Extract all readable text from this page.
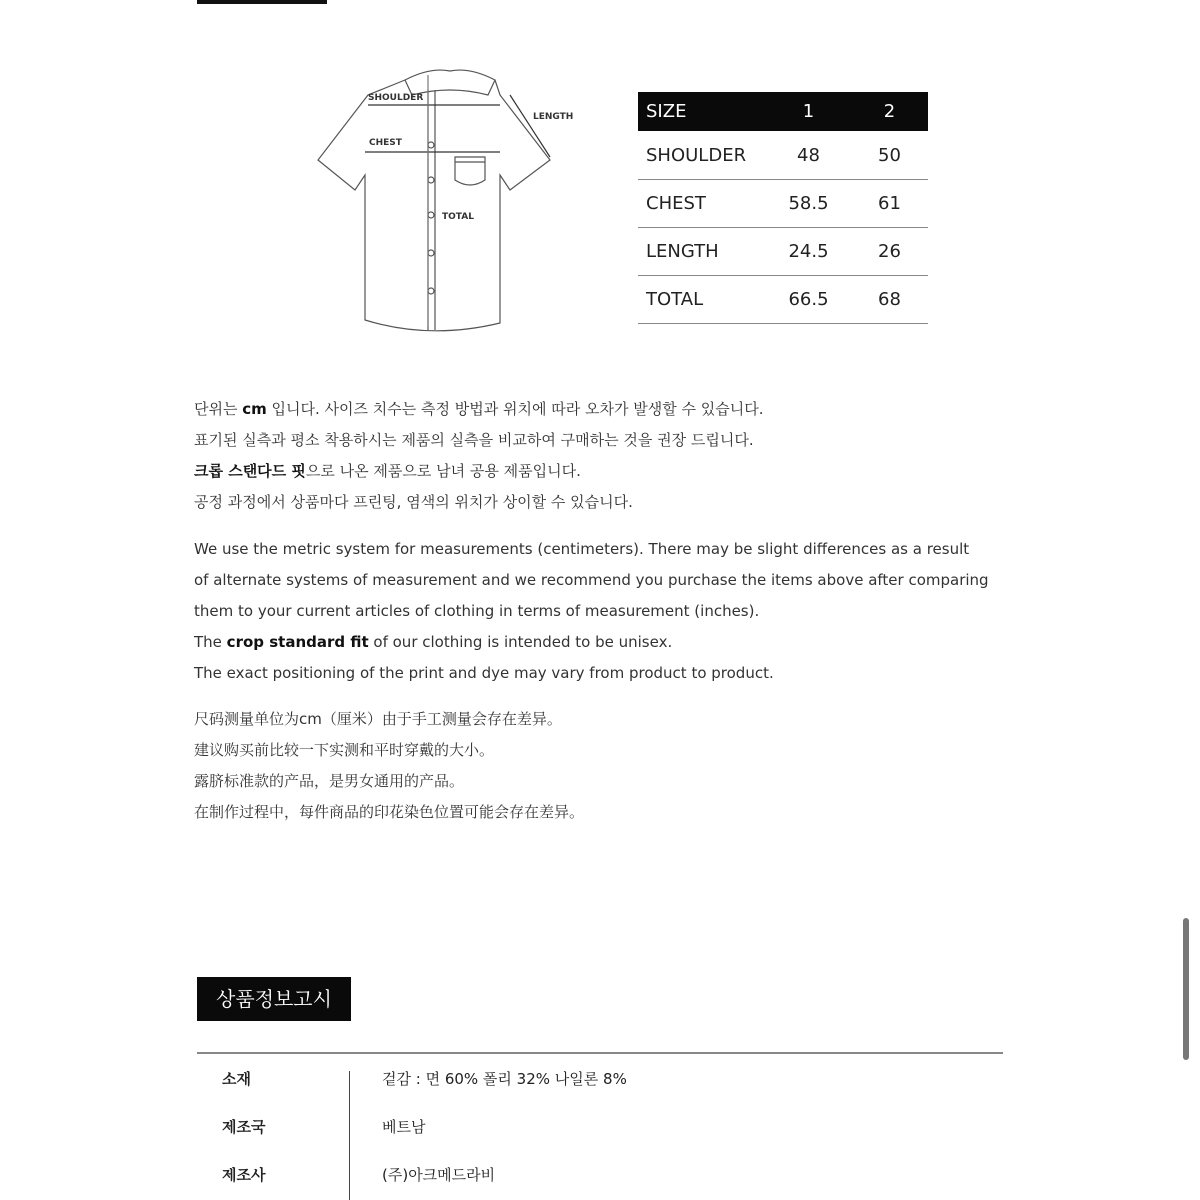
SHOULDER
CHEST
LENGTH
TOTAL
SIZE	1	2
SHOULDER	48	50
CHEST	58.5	61
LENGTH	24.5	26
TOTAL	66.5	68

단위는 cm 입니다. 사이즈 치수는 측정 방법과 위치에 따라 오차가 발생할 수 있습니다.

표기된 실측과 평소 착용하시는 제품의 실측을 비교하여 구매하는 것을 권장 드립니다.

크롭 스탠다드 핏으로 나온 제품으로 남녀 공용 제품입니다.

공정 과정에서 상품마다 프린팅, 염색의 위치가 상이할 수 있습니다.

We use the metric system for measurements (centimeters). There may be slight differences as a result

of alternate systems of measurement and we recommend you purchase the items above after comparing

them to your current articles of clothing in terms of measurement (inches).

The crop standard fit of our clothing is intended to be unisex.

The exact positioning of the print and dye may vary from product to product.

尺码测量单位为cm（厘米）由于手工测量会存在差异。

建议购买前比较一下实测和平时穿戴的大小。

露脐标准款的产品，是男女通用的产品。

在制作过程中，每件商品的印花染色位置可能会存在差异。

상품정보고시
소재	겉감 : 면 60% 폴리 32% 나일론 8%
제조국	베트남
제조사	(주)아크메드라비
